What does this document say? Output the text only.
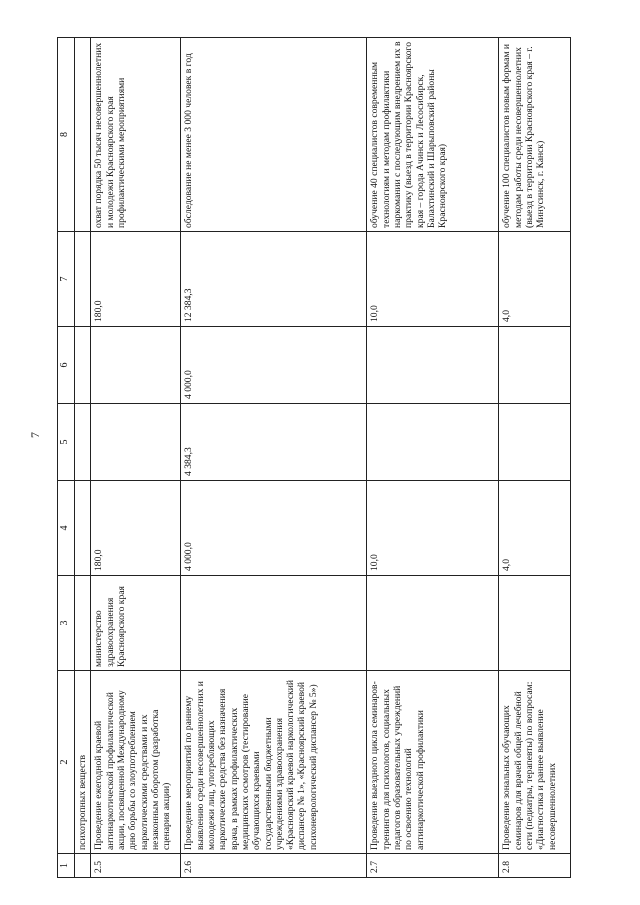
7
1	2	3	4	5	6	7	8
	психотропных веществ						
2.5	Проведение ежегодной краевой антинаркотической профилактической акции, посвященной Международному дню борьбы со злоупотреблением наркотическими средствами и их незаконным оборотом (разработка сценария акции)	министерство здравоохранения Красноярского края	180,0			180,0	охват порядка 50 тысяч несовершеннолетних и молодежи Красноярского края профилактическими мероприятиями
2.6	Проведение мероприятий по раннему выявлению среди несовершеннолетних и молодежи лиц, употребляющих наркотические средства без назначения врача, в рамках профилактических медицинских осмотров (тестирование обучающихся краевыми государственными бюджетными учреждениями здравоохранения «Красноярский краевой наркологический диспансер № 1», «Красноярский краевой психоневрологический диспансер № 5»)		4 000,0	4 384,3	4 000,0	12 384,3	обследование не менее 3 000 человек в год
2.7	Проведение выездного цикла семинаров-тренингов для психологов, социальных педагогов образовательных учреждений по освоению технологий антинаркотической профилактики		10,0			10,0	обучение 40 специалистов современным технологиям и методам профилактики наркомании с последующим внедрением их в практику (выезд в территории Красноярского края – города Ачинск и Лесосибирск, Балахтинский и Шарыповский районы Красноярского края)
2.8	Проведение зональных обучающих семинаров для врачей общей лечебной сети (педиатры, терапевты) по вопросам: «Диагностика и раннее выявление несовершеннолетних		4,0			4,0	обучение 100 специалистов новым формам и методам работы среди несовершеннолетних (выезд в территории Красноярского края – г. Минусинск, г. Канск)
